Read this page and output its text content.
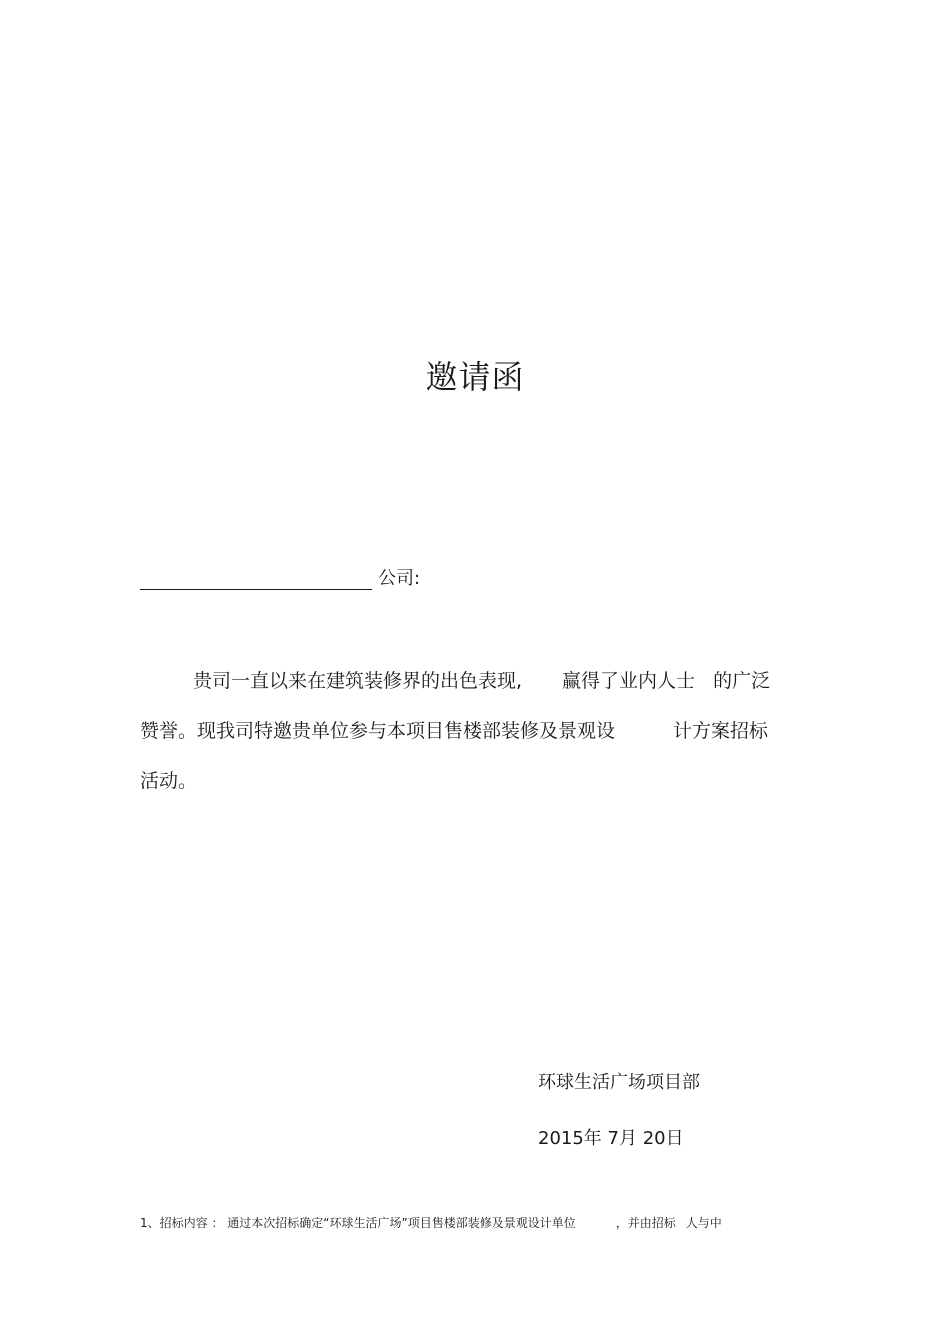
邀请函
公司:
贵司一直以来在建筑装修界的出色表现, 赢得了业内人士 的广泛
赞誉。现我司特邀贵单位参与本项目售楼部装修及景观设	计方案招标
活动。
环球生活广场项目部
2015年 7月 20日
1、招标内容 ： 通过本次招标确定“环球生活广场”项目售楼部装修及景观设计单位	，并由招标 人与中
